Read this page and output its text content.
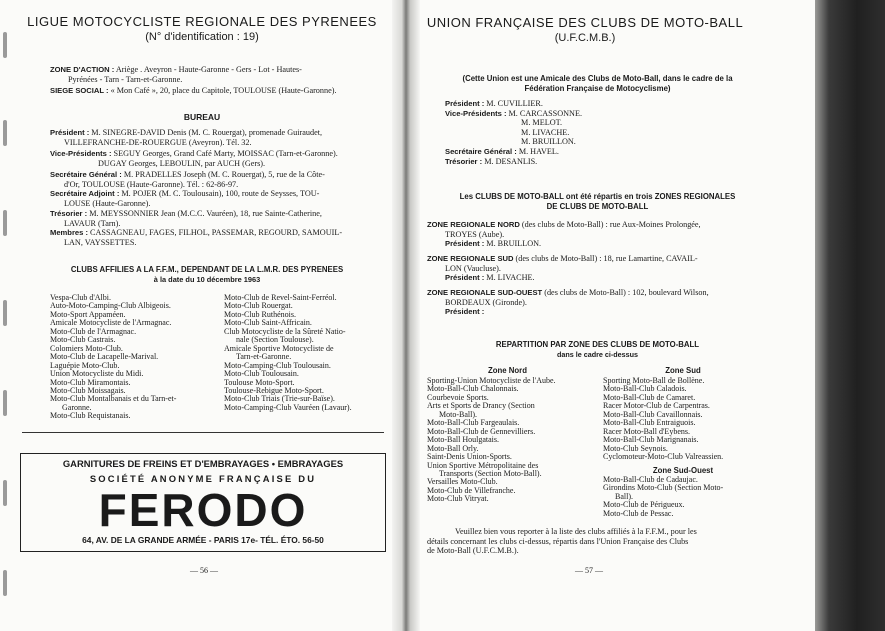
LIGUE MOTOCYCLISTE REGIONALE DES PYRENEES
(N° d'identification : 19)
ZONE D'ACTION : Ariège . Aveyron - Haute-Garonne - Gers - Lot - Hautes-
Pyrénées - Tarn - Tarn-et-Garonne.
SIEGE SOCIAL : « Mon Café », 20, place du Capitole, TOULOUSE (Haute-Garonne).
BUREAU
Président : M. SINEGRE-DAVID Denis (M. C. Rouergat), promenade Guiraudet,
VILLEFRANCHE-DE-ROUERGUE (Aveyron). Tél. 32.
Vice-Présidents : SEGUY Georges, Grand Café Marty, MOISSAC (Tarn-et-Garonne).
DUGAY Georges, LEBOULIN, par AUCH (Gers).
Secrétaire Général : M. PRADELLES Joseph (M. C. Rouergat), 5, rue de la Côte-
d'Or, TOULOUSE (Haute-Garonne). Tél. : 62-86-97.
Secrétaire Adjoint : M. POJER (M. C. Toulousain), 100, route de Seysses, TOU-
LOUSE (Haute-Garonne).
Trésorier : M. MEYSSONNIER Jean (M.C.C. Vauréen), 18, rue Sainte-Catherine,
LAVAUR (Tarn).
Membres : CASSAGNEAU, FAGES, FILHOL, PASSEMAR, REGOURD, SAMOUIL-
LAN, VAYSSETTES.
CLUBS AFFILIES A LA F.F.M., DEPENDANT DE LA L.M.R. DES PYRENEES
à la date du 10 décembre 1963
Vespa-Club d'Albi.
Auto-Moto-Camping-Club Albigeois.
Moto-Sport Appaméen.
Amicale Motocycliste de l'Armagnac.
Moto-Club de l'Armagnac.
Moto-Club Castrais.
Colomiers Moto-Club.
Moto-Club de Lacapelle-Marival.
Laguépie Moto-Club.
Union Motocycliste du Midi.
Moto-Club Miramontais.
Moto-Club Moissagais.
Moto-Club Montalbanais et du Tarn-et-
Garonne.
Moto-Club Requistanais.
Moto-Club de Revel-Saint-Ferréol.
Moto-Club Rouergat.
Moto-Club Ruthénois.
Moto-Club Saint-Affricain.
Club Motocycliste de la Sûreté Natio-
nale (Section Toulouse).
Amicale Sportive Motocycliste de
Tarn-et-Garonne.
Moto-Camping-Club Toulousain.
Moto-Club Toulousain.
Toulouse Moto-Sport.
Toulouse-Rebigue Moto-Sport.
Moto-Club Triais (Trie-sur-Baïse).
Moto-Camping-Club Vauréen (Lavaur).
GARNITURES DE FREINS ET D'EMBRAYAGES • EMBRAYAGES
SOCIÉTÉ ANONYME FRANÇAISE DU
FERODO
64, AV. DE LA GRANDE ARMÉE - PARIS 17e- TÉL. ÉTO. 56-50
— 56 —
UNION FRANÇAISE DES CLUBS DE MOTO-BALL
(U.F.C.M.B.)
(Cette Union est une Amicale des Clubs de Moto-Ball, dans le cadre de la
Fédération Française de Motocyclisme)
Président : M. CUVILLIER.
Vice-Présidents : M. CARCASSONNE.
M. MELOT.
M. LIVACHE.
M. BRUILLON.
Secrétaire Général : M. HAVEL.
Trésorier : M. DESANLIS.
Les CLUBS DE MOTO-BALL ont été répartis en trois ZONES REGIONALES
DE CLUBS DE MOTO-BALL
ZONE REGIONALE NORD (des clubs de Moto-Ball) : rue Aux-Moines Prolongée,
TROYES (Aube).
Président : M. BRUILLON.
ZONE REGIONALE SUD (des clubs de Moto-Ball) : 18, rue Lamartine, CAVAIL-
LON (Vaucluse).
Président : M. LIVACHE.
ZONE REGIONALE SUD-OUEST (des clubs de Moto-Ball) : 102, boulevard Wilson,
BORDEAUX (Gironde).
Président :
REPARTITION PAR ZONE DES CLUBS DE MOTO-BALL
dans le cadre ci-dessus
Zone Nord
Sporting-Union Motocycliste de l'Aube.
Moto-Ball-Club Chalonnais.
Courbevoie Sports.
Arts et Sports de Drancy (Section
Moto-Ball).
Moto-Ball-Club Fargeaulais.
Moto-Ball-Club de Gennevilliers.
Moto-Ball Houlgatais.
Moto-Ball Orly.
Saint-Denis Union-Sports.
Union Sportive Métropolitaine des
Transports (Section Moto-Ball).
Versailles Moto-Club.
Moto-Club de Villefranche.
Moto-Club Vitryat.
Zone Sud
Sporting Moto-Ball de Bollène.
Moto-Ball-Club Caladois.
Moto-Ball-Club de Camaret.
Racer Motor-Club de Carpentras.
Moto-Ball-Club Cavaillonnais.
Moto-Ball-Club Entraiguois.
Racer Moto-Ball d'Eybens.
Moto-Ball-Club Marignanais.
Moto-Club Seynois.
Cyclomoteur-Moto-Club Valreassien.
Zone Sud-Ouest
Moto-Ball-Club de Cadaujac.
Girondins Moto-Club (Section Moto-
Ball).
Moto-Club de Périgueux.
Moto-Club de Pessac.
Veuillez bien vous reporter à la liste des clubs affiliés à la F.F.M., pour les
détails concernant les clubs ci-dessus, répartis dans l'Union Française des Clubs
de Moto-Ball (U.F.C.M.B.).
— 57 —
